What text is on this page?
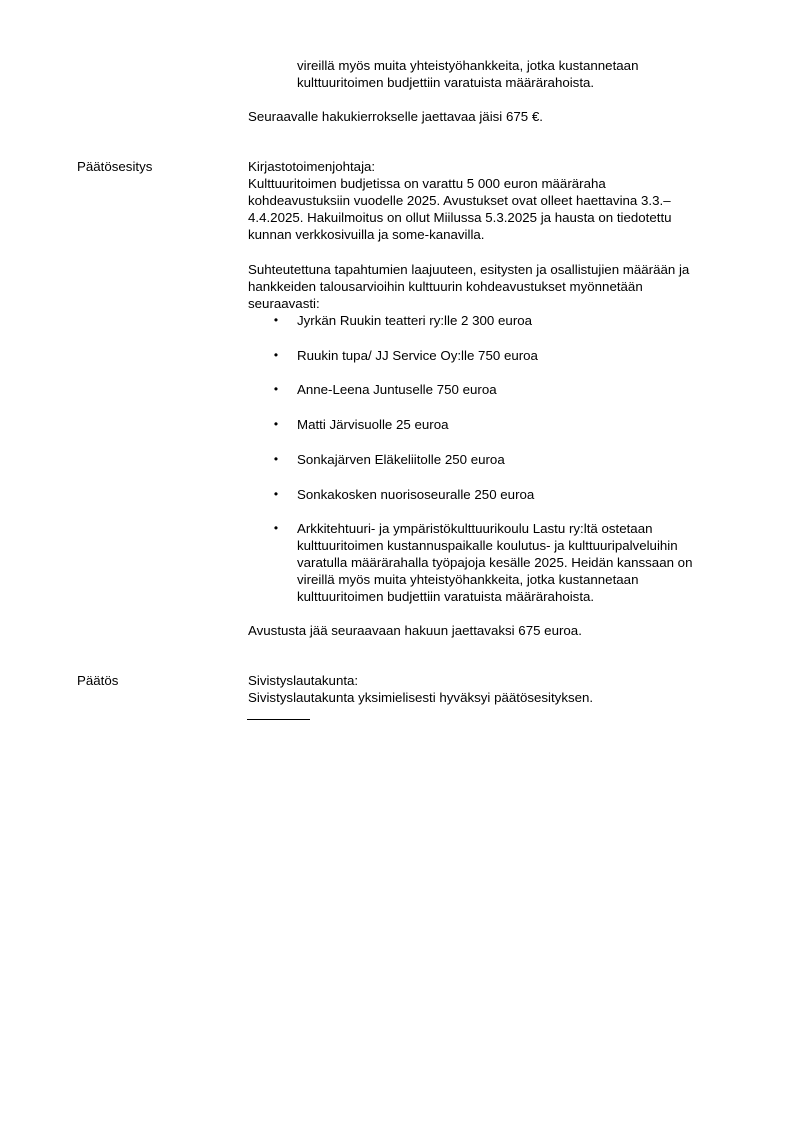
vireillä myös muita yhteistyöhankkeita, jotka kustannetaan

kulttuuritoimen budjettiin varatuista määrärahoista.

Seuraavalle hakukierrokselle jaettavaa jäisi 675 €.

Päätösesitys	Kirjastotoimenjohtaja:

Kulttuuritoimen budjetissa on varattu 5 000 euron määräraha

kohdeavustuksiin vuodelle 2025. Avustukset ovat olleet haettavina 3.3.–

4.4.2025. Hakuilmoitus on ollut Miilussa 5.3.2025 ja hausta on tiedotettu

kunnan verkkosivuilla ja some-kanavilla.

Suhteutettuna tapahtumien laajuuteen, esitysten ja osallistujien määrään ja

hankkeiden talousarvioihin kulttuurin kohdeavustukset myönnetään

seuraavasti:

• Jyrkän Ruukin teatteri ry:lle 2 300 euroa
• Ruukin tupa/ JJ Service Oy:lle 750 euroa
• Anne-Leena Juntuselle 750 euroa
• Matti Järvisuolle 25 euroa
• Sonkajärven Eläkeliitolle 250 euroa
• Sonkakosken nuorisoseuralle 250 euroa
• Arkkitehtuuri- ja ympäristökulttuurikoulu Lastu ry:ltä ostetaan

kulttuuritoimen kustannuspaikalle koulutus- ja kulttuuripalveluihin

varatulla määrärahalla työpajoja kesälle 2025. Heidän kanssaan on

vireillä myös muita yhteistyöhankkeita, jotka kustannetaan

kulttuuritoimen budjettiin varatuista määrärahoista.

Avustusta jää seuraavaan hakuun jaettavaksi 675 euroa.

Päätös	Sivistyslautakunta:

Sivistyslautakunta yksimielisesti hyväksyi päätösesityksen.
